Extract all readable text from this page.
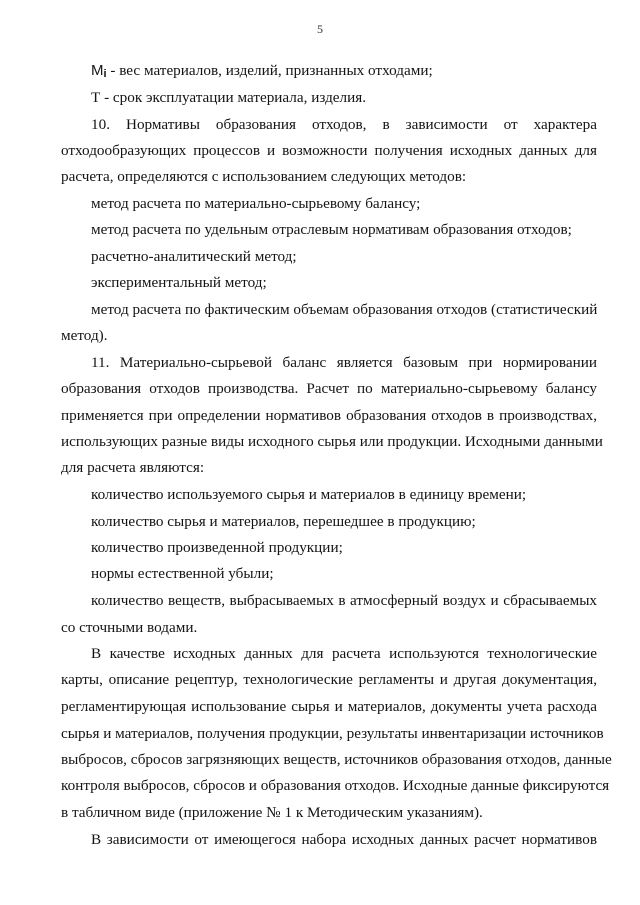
5
Mi - вес материалов, изделий, признанных отходами;
Т - срок эксплуатации материала, изделия.
10. Нормативы образования отходов, в зависимости от характера
отходообразующих процессов и возможности получения исходных данных для
расчета, определяются с использованием следующих методов:
метод расчета по материально-сырьевому балансу;
метод расчета по удельным отраслевым нормативам образования отходов;
расчетно-аналитический метод;
экспериментальный метод;
метод расчета по фактическим объемам образования отходов (статистический
метод).
11. Материально-сырьевой баланс является базовым при нормировании
образования отходов производства. Расчет по материально-сырьевому балансу
применяется при определении нормативов образования отходов в производствах,
использующих разные виды исходного сырья или продукции. Исходными данными
для расчета являются:
количество используемого сырья и материалов в единицу времени;
количество сырья и материалов, перешедшее в продукцию;
количество произведенной продукции;
нормы естественной убыли;
количество веществ, выбрасываемых в атмосферный воздух и сбрасываемых
со сточными водами.
В качестве исходных данных для расчета используются технологические
карты, описание рецептур, технологические регламенты и другая документация,
регламентирующая использование сырья и материалов, документы учета расхода
сырья и материалов, получения продукции, результаты инвентаризации источников
выбросов, сбросов загрязняющих веществ, источников образования отходов, данные
контроля выбросов, сбросов и образования отходов. Исходные данные фиксируются
в табличном виде (приложение № 1 к Методическим указаниям).
В зависимости от имеющегося набора исходных данных расчет нормативов
